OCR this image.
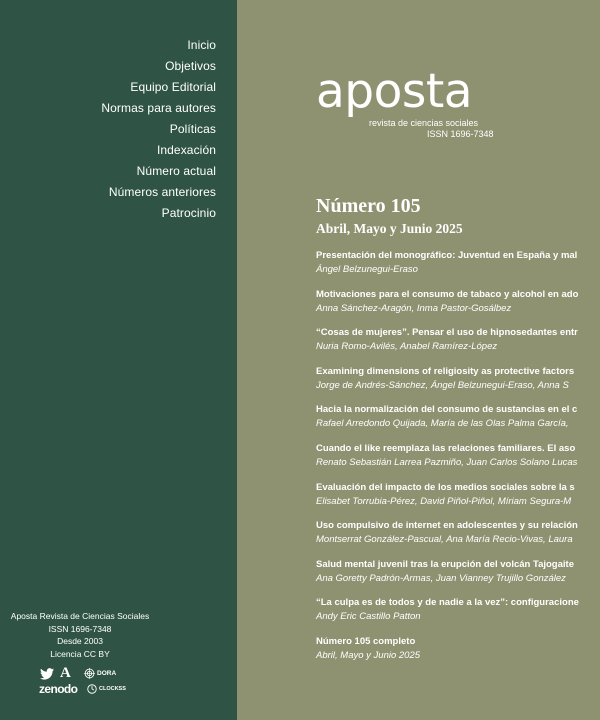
Inicio
Objetivos
Equipo Editorial
Normas para autores
Políticas
Indexación
Número actual
Números anteriores
Patrocinio
Aposta Revista de Ciencias Sociales
ISSN 1696-7348
Desde 2003
Licencia CC BY
A	DORA
zenodo	CLOCKSS

aposta

revista de ciencias sociales
ISSN 1696-7348
Número 105
Abril, Mayo y Junio 2025
Presentación del monográfico: Juventud en España y mal
Ángel Belzunegui-Eraso
Motivaciones para el consumo de tabaco y alcohol en ado
Anna Sánchez-Aragón, Inma Pastor-Gosálbez
“Cosas de mujeres”. Pensar el uso de hipnosedantes entr
Nuria Romo-Avilés, Anabel Ramírez-López
Examining dimensions of religiosity as protective factors
Jorge de Andrés-Sánchez, Ángel Belzunegui-Eraso, Anna S
Hacia la normalización del consumo de sustancias en el c
Rafael Arredondo Quijada, María de las Olas Palma García,
Cuando el like reemplaza las relaciones familiares. El aso
Renato Sebastián Larrea Pazmiño, Juan Carlos Solano Lucas
Evaluación del impacto de los medios sociales sobre la s
Elisabet Torrubia-Pérez, David Piñol-Piñol, Míriam Segura-M
Uso compulsivo de internet en adolescentes y su relación
Montserrat González-Pascual, Ana María Recio-Vivas, Laura
Salud mental juvenil tras la erupción del volcán Tajogaite
Ana Goretty Padrón-Armas, Juan Vianney Trujillo González
“La culpa es de todos y de nadie a la vez”: configuracione
Andy Eric Castillo Patton
Número 105 completo
Abril, Mayo y Junio 2025
